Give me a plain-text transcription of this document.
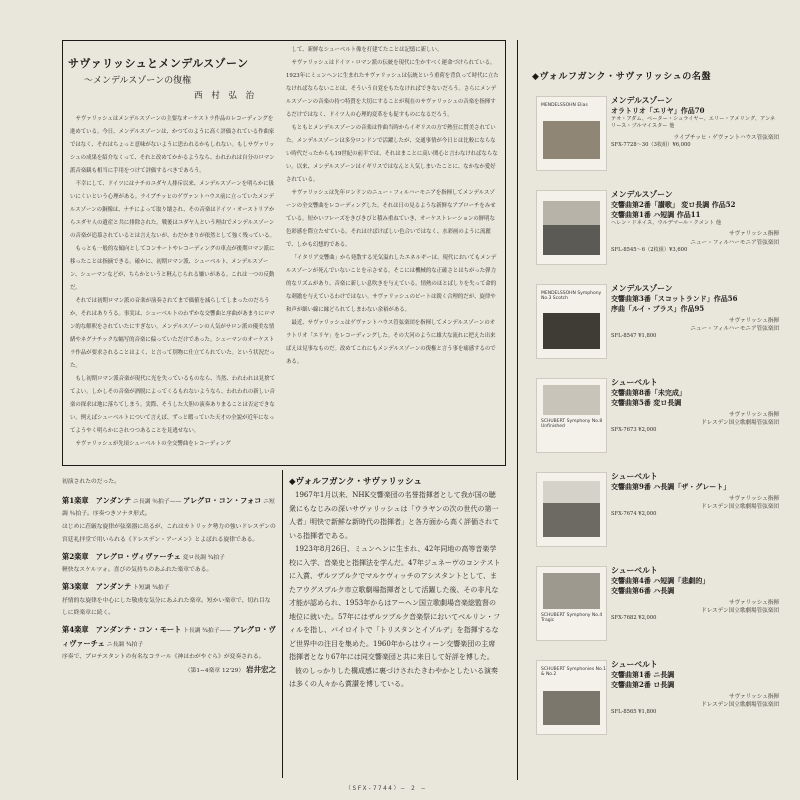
サヴァリッシュとメンデルスゾーン
～メンデルスゾーンの復権
西 村 弘 治

サヴァリッシュはメンデルスゾーンの主要なオーケストラ作品のレコーディングを進めている。今日、メンデルスゾーンは、かつてのように高く評価されている作曲家ではなく、それはちょっと意味がないように思われるかもしれない。もしサヴァリッシュの成果を紹介なくって、それと改めてかかるようなら、われわれは自分のロマン派音楽観も相当に手用をつけて評価するべきであろう。

不幸にして、ドイツにはナチのユダヤ人排斥以来、メンデルスゾーンを明らかに扱いにくいという心理がある。ライプチッヒのゲヴァントハウス前に立っていたメンデルスゾーンの銅像は、ナチによって取り壊され、その音楽はドイツ・オーストリアからユダヤ人の遺産と共に排除された。戦後はユダヤ人という理由でメンデルスゾーンの音楽が追慕されているとは言えないが、わだかまりが依然として強く残っている。

もっとも一般的な傾向としてコンサートやレコーディングの車点が後期ロマン派に移ったことは指摘できる。確かに、初期ロマン派、シューベルト、メンデルスゾーン、シューマンなどが、ちらかというと軽んじられる嫌いがある。これは一つの反動だ。

それでは初期ロマン派の音楽が演奏されてまで価値を減らしてしまったのだろうか。それはありうる。事実は、シューベルトのわずかな交響曲と序曲があまりにロマン的な解釈をされていたにすぎない。メンデルスゾーンの人気がサロン派の優美な情緒やネグナチックな幅写的音楽に偏っていただけであった。シューマンのオーケストラ作品が要求されることはよく、と言って別物に仕立てられていた。という状況だった。

もし初期ロマン派音楽が現代に光を失っているものなら、当然、われわれは見捨ててよい。しかしその音楽が酒脱によってくるもれないようなら、われわれの新しい音楽の探求は地に落ちてしまう。実際、そうした大胆の演奏ありまることは否定できない。例えばシューベルトについて言えば、ずっと暇っていた天才の全貌が近年になってようやく明らかにされつつあることを見逃せない。

サヴァリッシュが先頃シューベルトの全交響曲をレコーディング

して、新鮮なシューベルト像を打建てたことは記憶に新しい。

サヴァリッシュはドイツ・ロマン派の伝統を現代に生かすべく運命づけられている。1923年にミュンヘンに生まれたサヴァリッシュは伝統という重荷を背負って時代に立たなければならないことは、そういう自覚をもたなければできないだろう。さらにメンデルスゾーンの音楽の持つ特質を大切にすることが現在のサヴァリッシュの音楽を指揮するだけではなく、ドイツ人の心理的変革をも促すものになるだろう。

もともとメンデルスゾーンの音楽は作曲当時からイギリスの方で熱狂に賛美されていた。メンデルスゾーンは多分ロンドンで活躍したが、交通事情が今日とは比較にならない時代だったからも19世紀の前半では、それはまことに高い関心と言わなければならない。以来、メンデルスゾーンはイギリスではなんと人気しまいたことに、なかなか愛好されている。

サヴァリッシュは先年ロンドンのニュー・フィルハーモニアを指揮してメンデルスゾーンの全交響曲をレコーディングした。それは日の見るような新鮮なアプローチをみせている。短かいフレーズをきびきびと積み重ねていき、オーケストレーションの鮮明な色彩感を際立たせている。それはけばけばしい色合いではなく、水彩画のように流麗で、しかも幻想的である。

「イタリア交響曲」から発散する光気溢れしたエネルギーは、現代においてもメンデルスゾーンが死んでいないことを示させる。そこには機械的な正確さとはちがった弾力的なリズムがあり、音楽に新しい息吹きを与えている。情熱のほとばしりを失って命的な刺激を与えているわけではない。サヴァリッシュのビートは鋭く合理的だが、旋律や和声が細い線に縁どられてしまわない余裕がある。

最近、サヴァリッシュはゲヴァントハウス管弦楽団を指揮してメンデルスゾーンのオラトリオ「エリヤ」をレコーディングした。その大河のように雄大な流れに把えた出来ばえは見事なものだ。改めてこれにもメンデルスゾーンの復権と言う事を痛感するのである。

初演されたのだった。
第1楽章　アンダンテ ニ長調 ％拍子—— アレグロ・コン・フォコ ニ短調 ％拍子。序奏つきソナタ形式。
はじめに荘厳な旋律が弦楽器に出るが、これはカトリック勢力の強いドレスデンの宮廷礼拝堂で用いられる《ドレスデン・アーメン》とよばれる旋律である。
第2楽章　アレグロ・ヴィヴァーチェ 変ロ長調 ¾拍子
軽快なスケルツォ。喜びの気持ちのあふれた楽章である。
第3楽章　アンダンテ ト短調 ¾拍子
抒情的な旋律を中心にした敬虔な気分にあふれた楽章。短かい楽章で、切れ目なしに終楽章に続く。
第4楽章　アンダンテ・コン・モート ト長調 ¾拍子—— アレグロ・ヴィヴァーチェ ニ長調 ¾拍子
序奏で、プロテスタントの有名なコラール《神はわがやぐら》が変奏される。
（第1−4楽章 12'29） 岩井宏之
◆ヴォルフガンク・サヴァリッシュ

1967年1月以来、NHK交響楽団の名誉指揮者として我が国の聴衆にもなじみの深いサヴァリッシュは「ウラヤンの次の世代の第一人者」明快で新鮮な新時代の指揮者」と各方面から高く評価されている指揮者である。

1923年8月26日、ミュンヘンに生まれ、42年同地の高等音楽学校に入学、音楽史と指揮法を学んだ。47年ジュネーヴのコンテストに入賞、ザルツブルクでマルケヴィッチのアシスタントとして、またアウグスブルク市立歌劇場指揮者として活躍した後、その非凡な才能が認められ、1953年からはアーヘン国立歌劇場音楽総監督の地位に就いた。57年にはザルツブルク音楽祭においてベルリン・フィルを指し、バイロイトで「トリスタンとイゾルデ」を指揮するなど世界中の注目を集めた。1960年からはウィーン交響楽団の主席指揮者となり67年には同交響楽団と共に来日して好評を博した。

彼のしっかりした構成感に裏づけされたきわやかとしたいる演奏は多くの人々から賞讃を博している。

◆ヴォルフガンク・サヴァリッシュの名盤
MENDELSSOHN Elias
メンデルスゾーン
オラトリオ「エリヤ」作品70
テオ・アダム、ペーター・シュライヤー、エリー・アメリング、アンネリース・ブルマイスター 他
ライプチッヒ・ゲヴァントハウス管弦楽団
SFX-7728〜30（3枚組）¥6,000
メンデルスゾーン
交響曲第2番「讃歌」 変ロ長調 作品52
交響曲第1番 ハ短調 作品11
ヘレン・ドネイス、ウルデマール・クメント 他
サヴァリッシュ指揮
ニュー・フィルハーモニア管弦楽団
SFL-8545〜6（2枚組）¥3,600
MENDELSSOHN Symphony No.3 Scotch
メンデルスゾーン
交響曲第3番「スコットランド」作品56
序曲「ルイ・ブラス」作品95
サヴァリッシュ指揮
ニュー・フィルハーモニア管弦楽団
SFL-8547 ¥1,800
SCHUBERT Symphony No.8 Unfinished
シューベルト
交響曲第8番「未完成」
交響曲第5番 変ロ長調
サヴァリッシュ指揮
ドレスデン国立歌劇場管弦楽団
SFX-7673 ¥2,000
シューベルト
交響曲第9番 ハ長調「ザ・グレート」
サヴァリッシュ指揮
ドレスデン国立歌劇場管弦楽団
SFX-7674 ¥2,000
SCHUBERT Symphony No.4 Tragic
シューベルト
交響曲第4番 ハ短調「悲劇的」
交響曲第6番 ハ長調
サヴァリッシュ指揮
ドレスデン国立歌劇場管弦楽団
SFX-7682 ¥2,000
SCHUBERT Symphonies No.1 & No.2
シューベルト
交響曲第1番 ニ長調
交響曲第2番 ロ長調
サヴァリッシュ指揮
ドレスデン国立歌劇場管弦楽団
SFL-8565 ¥1,800
（SFX-7744）— 2 —
